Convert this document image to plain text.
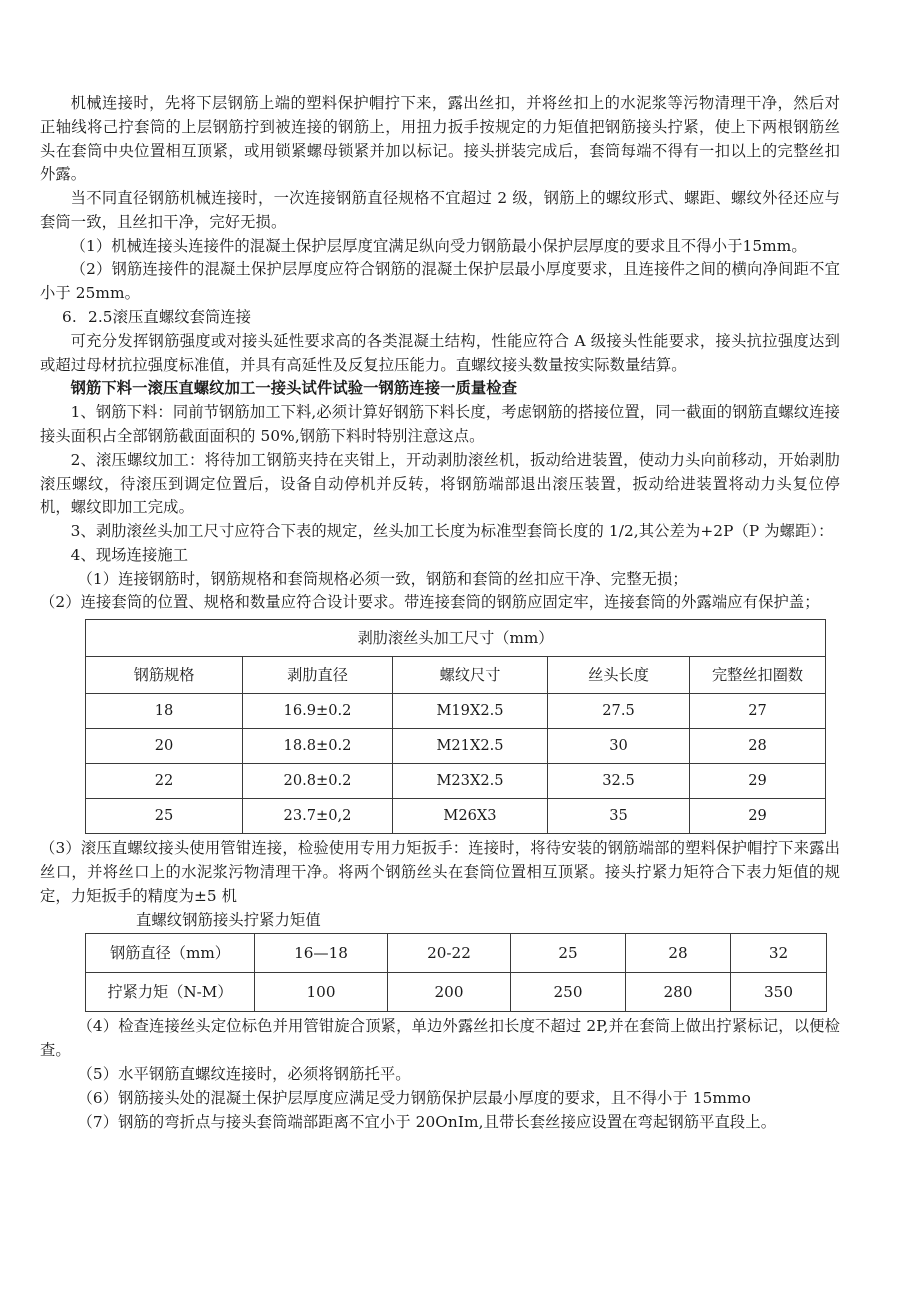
机械连接时，先将下层钢筋上端的塑料保护帽拧下来，露出丝扣，并将丝扣上的水泥浆等污物清理干净，然后对正轴线将己拧套筒的上层钢筋拧到被连接的钢筋上，用扭力扳手按规定的力矩值把钢筋接头拧紧，使上下两根钢筋丝头在套筒中央位置相互顶紧，或用锁紧螺母锁紧并加以标记。接头拼装完成后，套筒每端不得有一扣以上的完整丝扣外露。

当不同直径钢筋机械连接时，一次连接钢筋直径规格不宜超过 2 级，钢筋上的螺纹形式、螺距、螺纹外径还应与套筒一致，且丝扣干净，完好无损。

（1）机械连接头连接件的混凝土保护层厚度宜满足纵向受力钢筋最小保护层厚度的要求且不得小于15mm。

（2）钢筋连接件的混凝土保护层厚度应符合钢筋的混凝土保护层最小厚度要求，且连接件之间的横向净间距不宜小于 25mm。

6. 2.5滚压直螺纹套筒连接

可充分发挥钢筋强度或对接头延性要求高的各类混凝土结构，性能应符合 A 级接头性能要求，接头抗拉强度达到或超过母材抗拉强度标准值，并具有高延性及反复拉压能力。直螺纹接头数量按实际数量结算。

钢筋下料一滚压直螺纹加工一接头试件试验一钢筋连接一质量检查

1、钢筋下料：同前节钢筋加工下料,必须计算好钢筋下料长度，考虑钢筋的搭接位置，同一截面的钢筋直螺纹连接接头面积占全部钢筋截面面积的 50%,钢筋下料时特别注意这点。

2、滚压螺纹加工：将待加工钢筋夹持在夹钳上，开动剥肋滚丝机，扳动给进装置，使动力头向前移动，开始剥肋滚压螺纹，待滚压到调定位置后，设备自动停机并反转，将钢筋端部退出滚压装置，扳动给进装置将动力头复位停机，螺纹即加工完成。

3、剥肋滚丝头加工尺寸应符合下表的规定，丝头加工长度为标准型套筒长度的 1/2,其公差为+2P（P 为螺距）：

4、现场连接施工

（1）连接钢筋时，钢筋规格和套筒规格必须一致，钢筋和套筒的丝扣应干净、完整无损；

（2）连接套筒的位置、规格和数量应符合设计要求。带连接套筒的钢筋应固定牢，连接套筒的外露端应有保护盖；

剥肋滚丝头加工尺寸（mm）				
钢筋规格	剥肋直径	螺纹尺寸	丝头长度	完整丝扣圈数
18	16.9±0.2	M19X2.5	27.5	27
20	18.8±0.2	M21X2.5	30	28
22	20.8±0.2	M23X2.5	32.5	29
25	23.7±0,2	M26X3	35	29

（3）滚压直螺纹接头使用管钳连接，检验使用专用力矩扳手：连接时，将待安装的钢筋端部的塑料保护帽拧下来露出丝口，并将丝口上的水泥浆污物清理干净。将两个钢筋丝头在套筒位置相互顶紧。接头拧紧力矩符合下表力矩值的规定，力矩扳手的精度为±5 机

直螺纹钢筋接头拧紧力矩值

钢筋直径（mm）	16—18	20-22	25	28	32
拧紧力矩（N-M）	100	200	250	280	350

（4）检查连接丝头定位标色并用管钳旋合顶紧，单边外露丝扣长度不超过 2P,并在套筒上做出拧紧标记，以便检查。

（5）水平钢筋直螺纹连接时，必须将钢筋托平。

（6）钢筋接头处的混凝土保护层厚度应满足受力钢筋保护层最小厚度的要求，且不得小于 15mmo

（7）钢筋的弯折点与接头套筒端部距离不宜小于 20OnIm,且带长套丝接应设置在弯起钢筋平直段上。
